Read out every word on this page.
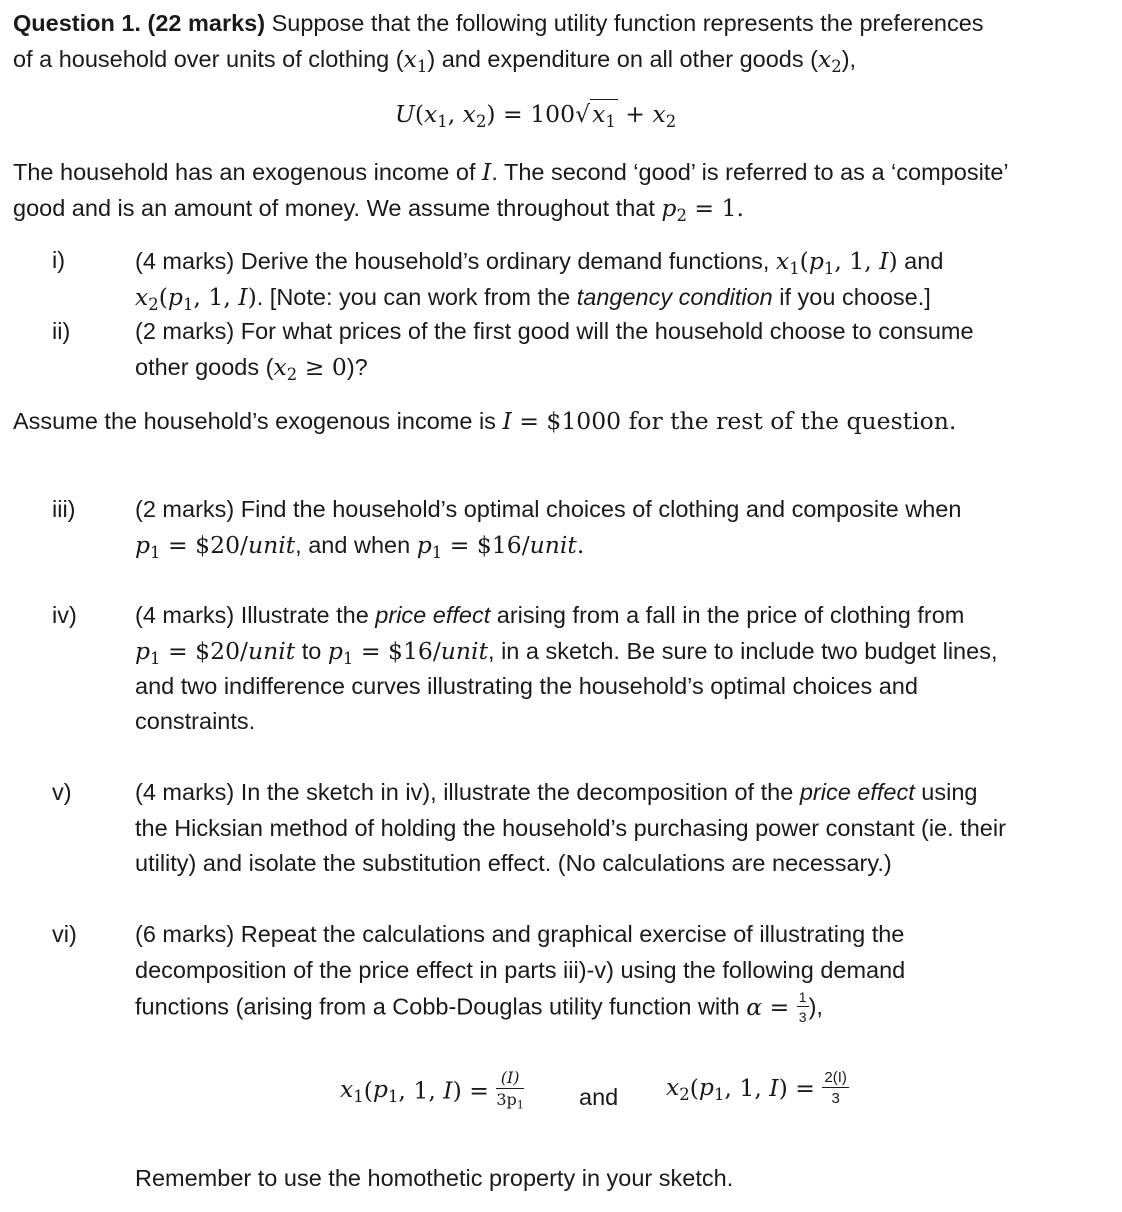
Question 1. (22 marks) Suppose that the following utility function represents the preferences
of a household over units of clothing $(x_1)$ and expenditure on all other goods $(x_2)$,
$U(x_1$, $x_2) = 100√x_1 + x_2$
The household has an exogenous income of I. The second ‘good’ is referred to as a ‘composite’
good and is an amount of money. We assume throughout that $p_2 = 1$.
i)	(4 marks) Derive the household’s ordinary demand functions, $x_1(p_1$, 1, I) and
$x_2(p_1$, 1, I). [Note: you can work from the tangency condition if you choose.]
ii)	(2 marks) For what prices of the first good will the household choose to consume
other goods $(x_2 \ge 0)$?
Assume the household’s exogenous income is I = $1000 for the rest of the question.
iii)	(2 marks) Find the household’s optimal choices of clothing and composite when
$p_1$ = $20/unit, and when $p_1$ = $16/unit.
iv) (4 marks) Illustrate the price effect arising from a fall in the price of clothing from
$p_1$ = $20/unit to $p_1$ = $16/unit, in a sketch. Be sure to include two budget lines,
and two indifference curves illustrating the household’s optimal choices and
constraints.
v)	(4 marks) In the sketch in iv), illustrate the decomposition of the price effect using
the Hicksian method of holding the household’s purchasing power constant (ie. their
utility) and isolate the substitution effect. (No calculations are necessary.)
vi) (6 marks) Repeat the calculations and graphical exercise of illustrating the
decomposition of the price effect in parts iii)-v) using the following demand
functions (arising from a Cobb-Douglas utility function with $\alpha = \frac{1}{3}$ ),
$x_1(p_1$, 1, $I) = \frac{(I)}{3p_1}$ and $x_2(p_1$, 1, $I) = \frac{2(I)}{3}$
Remember to use the homothetic property in your sketch.
